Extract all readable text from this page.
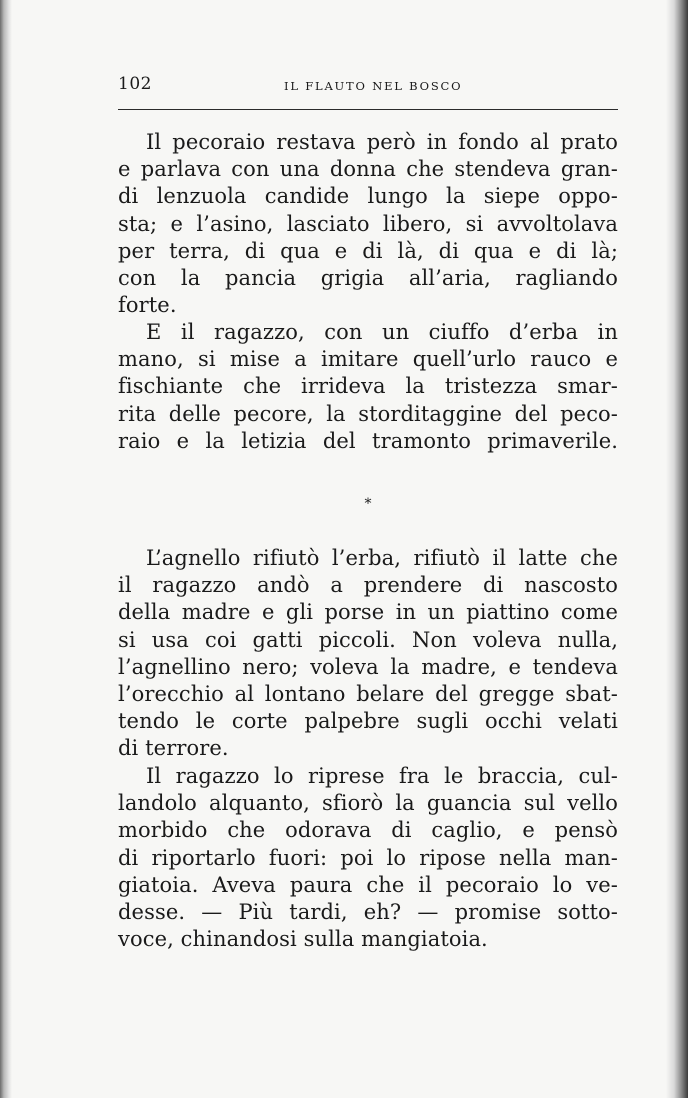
102	IL FLAUTO NEL BOSCO
Il pecoraio restava però in fondo al prato
e parlava con una donna che stendeva gran-
di lenzuola candide lungo la siepe oppo-
sta; e l’asino, lasciato libero, si avvoltolava
per terra, di qua e di là, di qua e di là;
con la pancia grigia all’aria, ragliando
forte.
E il ragazzo, con un ciuffo d’erba in
mano, si mise a imitare quell’urlo rauco e
fischiante che irrideva la tristezza smar-
rita delle pecore, la storditaggine del peco-
raio e la letizia del tramonto primaverile.
*
L’agnello rifiutò l’erba, rifiutò il latte che
il ragazzo andò a prendere di nascosto
della madre e gli porse in un piattino come
si usa coi gatti piccoli. Non voleva nulla,
l’agnellino nero; voleva la madre, e tendeva
l’orecchio al lontano belare del gregge sbat-
tendo le corte palpebre sugli occhi velati
di terrore.
Il ragazzo lo riprese fra le braccia, cul-
landolo alquanto, sfiorò la guancia sul vello
morbido che odorava di caglio, e pensò
di riportarlo fuori: poi lo ripose nella man-
giatoia. Aveva paura che il pecoraio lo ve-
desse. — Più tardi, eh? — promise sotto-
voce, chinandosi sulla mangiatoia.
